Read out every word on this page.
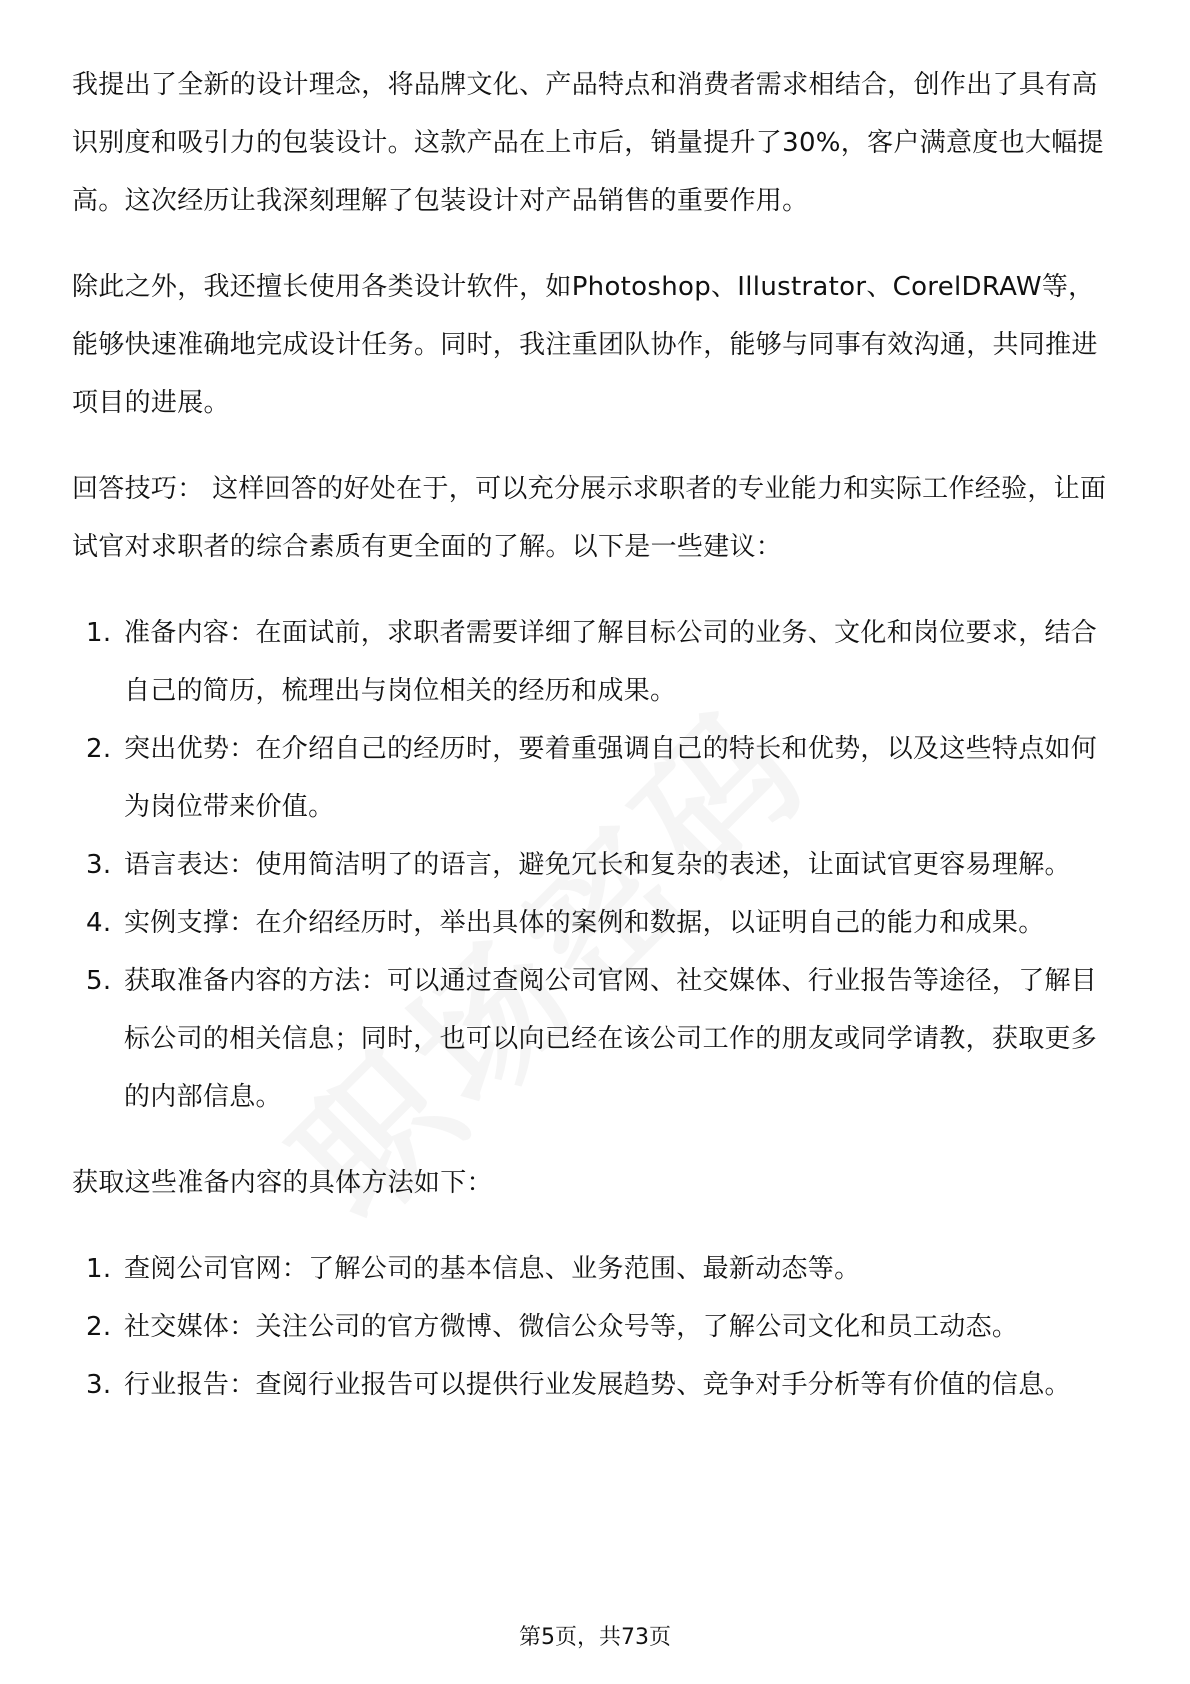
我提出了全新的设计理念，将品牌文化、产品特点和消费者需求相结合，创作出了具有高识别度和吸引力的包装设计。这款产品在上市后，销量提升了30%，客户满意度也大幅提高。这次经历让我深刻理解了包装设计对产品销售的重要作用。

除此之外，我还擅长使用各类设计软件，如Photoshop、Illustrator、CorelDRAW等，能够快速准确地完成设计任务。同时，我注重团队协作，能够与同事有效沟通，共同推进项目的进展。

回答技巧： 这样回答的好处在于，可以充分展示求职者的专业能力和实际工作经验，让面试官对求职者的综合素质有更全面的了解。以下是一些建议：

1. 准备内容：在面试前，求职者需要详细了解目标公司的业务、文化和岗位要求，结合自己的简历，梳理出与岗位相关的经历和成果。
2. 突出优势：在介绍自己的经历时，要着重强调自己的特长和优势，以及这些特点如何为岗位带来价值。
3. 语言表达：使用简洁明了的语言，避免冗长和复杂的表述，让面试官更容易理解。
4. 实例支撑：在介绍经历时，举出具体的案例和数据，以证明自己的能力和成果。
5. 获取准备内容的方法：可以通过查阅公司官网、社交媒体、行业报告等途径，了解目标公司的相关信息；同时，也可以向已经在该公司工作的朋友或同学请教，获取更多的内部信息。

获取这些准备内容的具体方法如下：

1. 查阅公司官网：了解公司的基本信息、业务范围、最新动态等。
2. 社交媒体：关注公司的官方微博、微信公众号等，了解公司文化和员工动态。
3. 行业报告：查阅行业报告可以提供行业发展趋势、竞争对手分析等有价值的信息。
第5页，共73页
